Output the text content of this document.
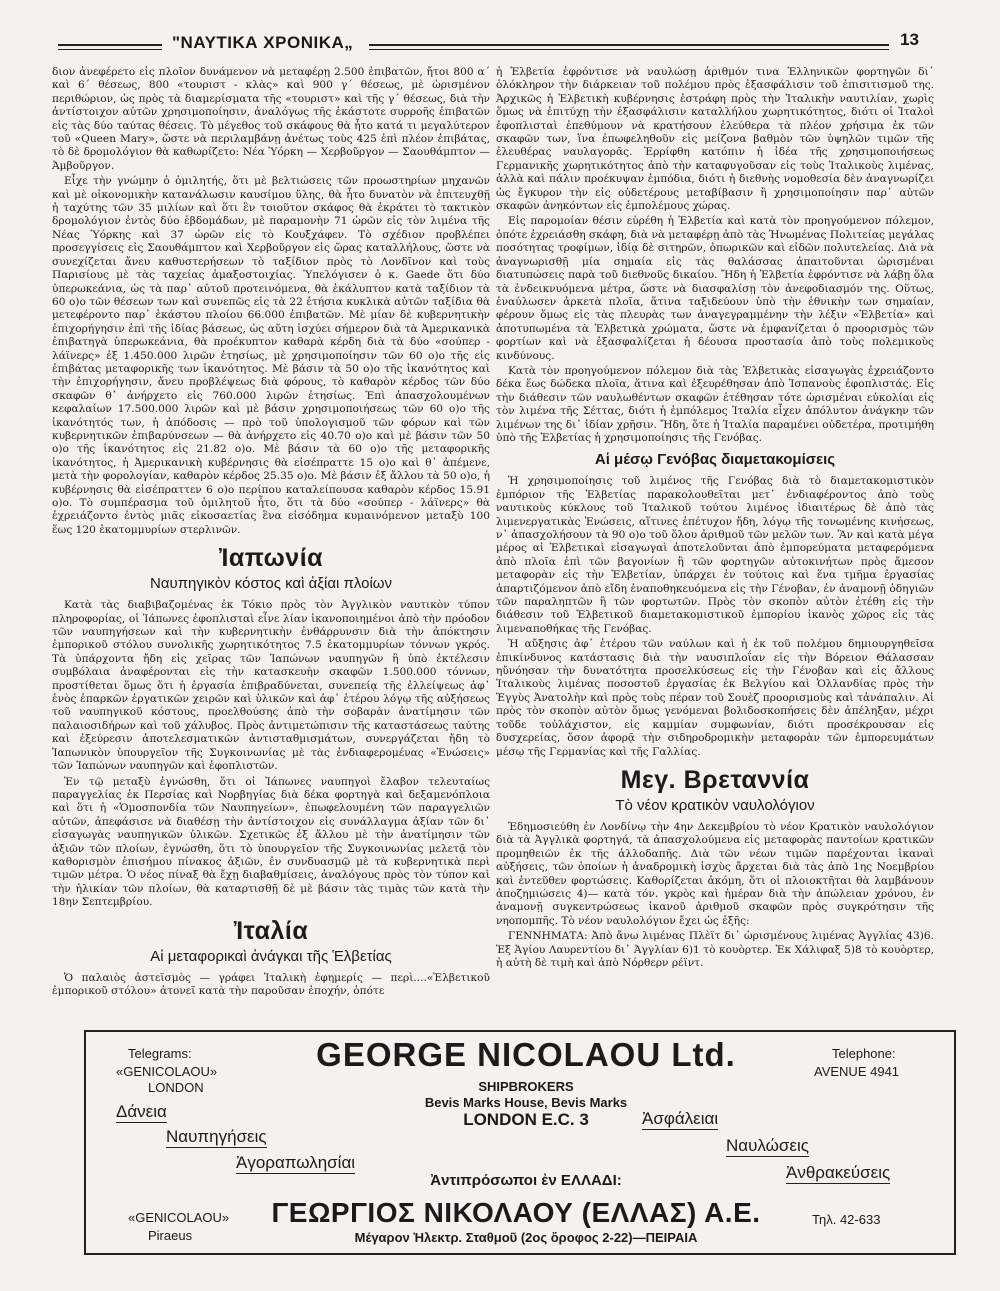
"ΝΑΥΤΙΚΑ ΧΡΟΝΙΚΑ„	13

διον ἀνεφέρετο εἰς πλοῖον δυνάμενον νὰ μεταφέρῃ 2.500 ἐπιβατῶν, ἤτοι 800 α΄ καὶ 6΄ θέσεως, 800 «τουριστ - κλὰς» καὶ 900 γ΄ θέσεως, μὲ ὡρισμένον περιθώριον, ὡς πρὸς τὰ διαμερίσματα τῆς «τουριστ» καὶ τῆς γ΄ θέσεως, διὰ τὴν ἀντίστοιχον αὐτῶν χρησιμοποίησιν, ἀναλόγως τῆς ἑκάστοτε συρροῆς ἐπιβατῶν εἰς τὰς δύο ταύτας θέσεις. Τὸ μέγεθος τοῦ σκάφους θὰ ἦτο κατά τι μεγαλύτερον τοῦ «Queen Mary», ὥστε νὰ περιλαμβάνῃ ἀνέτως τοὺς 425 ἐπὶ πλέον ἐπιβάτας, τὸ δὲ δρομολόγιον θὰ καθωρίζετο: Νέα Ὑόρκη — Χερβοῦργον — Σαουθάμπτον — Ἀμβοῦργον.

Εἶχε τὴν γνώμην ὁ ὁμιλητής, ὅτι μὲ βελτιώσεις τῶν προωστηρίων μηχανῶν καὶ μὲ οἰκονομικὴν κατανάλωσιν καυσίμου ὕλης, θὰ ἦτο δυνατὸν νὰ ἐπιτευχθῇ ἡ ταχύτης τῶν 35 μιλίων καὶ ὅτι ἓν τοιοῦτον σκάφος θὰ ἐκράτει τὸ τακτικὸν δρομολόγιον ἐντὸς δύο ἑβδομάδων, μὲ παραμονὴν 71 ὡρῶν εἰς τὸν λιμένα τῆς Νέας Ὑόρκης καὶ 37 ὡρῶν εἰς τὸ Κουξχάφεν. Τὸ σχέδιον προβλέπει προσεγγίσεις εἰς Σαουθάμπτον καὶ Χερβοῦργον εἰς ὥρας καταλλήλους, ὥστε νὰ συνεχίζεται ἄνευ καθυστερήσεων τὸ ταξίδιον πρὸς τὸ Λονδῖνον καὶ τοὺς Παρισίους μὲ τὰς ταχείας ἁμαξοστοιχίας. Ὑπελόγισεν ὁ κ. Gaede ὅτι δύο ὑπερωκεάνια, ὡς τὰ παρ᾽ αὐτοῦ προτεινόμενα, θὰ ἐκάλυπτον κατὰ ταξίδιον τὰ 60 ο)ο τῶν θέσεων των καὶ συνεπῶς εἰς τὰ 22 ἐτήσια κυκλικὰ αὐτῶν ταξίδια θὰ μετεφέροντο παρ᾽ ἑκάστου πλοίου 66.000 ἐπιβατῶν. Μὲ μίαν δὲ κυβερνητικὴν ἐπιχορήγησιν ἐπὶ τῆς ἰδίας βάσεως, ὡς αὕτη ἰσχύει σήμερον διὰ τὰ Ἀμερικανικὰ ἐπιβατηγὰ ὑπερωκεάνια, θὰ προέκυπτον καθαρὰ κέρδη διὰ τὰ δύο «σούπερ - λάϊνερς» ἐξ 1.450.000 λιρῶν ἐτησίως, μὲ χρησιμοποίησιν τῶν 60 ο)ο τῆς εἰς ἐπιβάτας μεταφορικῆς των ἱκανότητος. Μὲ βάσιν τὰ 50 ο)ο τῆς ἱκανότητος καὶ τὴν ἐπιχορήγησιν, ἄνευ προβλέψεως διὰ φόρους, τὸ καθαρὸν κέρδος τῶν δύο σκαφῶν θ᾽ ἀνήρχετο εἰς 760.000 λιρῶν ἐτησίως. Ἐπὶ ἀπασχολουμένων κεφαλαίων 17.500.000 λιρῶν καὶ μὲ βάσιν χρησιμοποιήσεως τῶν 60 ο)ο τῆς ἱκανότητός των, ἡ ἀπόδοσις — πρὸ τοῦ ὑπολογισμοῦ τῶν φόρων καὶ τῶν κυβερνητικῶν ἐπιβαρύνσεων — θὰ ἀνήρχετο εἰς 40.70 ο)ο καὶ μὲ βάσιν τῶν 50 ο)ο τῆς ἱκανότητος εἰς 21.82 ο)ο. Μὲ βάσιν τὰ 60 ο)ο τῆς μεταφορικῆς ἱκανότητος, ἡ Ἀμερικανικὴ κυβέρνησις θὰ εἰσέπραττε 15 ο)ο καὶ θ᾽ ἀπέμενε, μετὰ τὴν φορολογίαν, καθαρὸν κέρδος 25.35 ο)ο. Μὲ βάσιν ἐξ ἄλλου τὰ 50 ο)ο, ἡ κυβέρνησις θὰ εἰσέπραττεν 6 ο)ο περίπου καταλείπουσα καθαρὸν κέρδος 15.91 ο)ο. Τὸ συμπέρασμα τοῦ ὁμιλητοῦ ἦτο, ὅτι τὰ δύο «σούπερ - λάϊνερς» θὰ ἐχρειάζοντο ἐντὸς μιᾶς εἰκοσαετίας ἓνα εἰσόδημα κυμαινόμενον μεταξὺ 100 ἕως 120 ἑκατομμυρίων στερλινῶν.

Ἰαπωνία
Ναυπηγικὸν κόστος καὶ ἀξίαι πλοίων

Κατὰ τὰς διαβιβαζομένας ἐκ Τόκιο πρὸς τὸν Ἀγγλικὸν ναυτικὸν τύπον πληροφορίας, οἱ Ἰάπωνες ἐφοπλισταὶ εἶνε λίαν ἱκανοποιημένοι ἀπὸ τὴν πρόοδον τῶν ναυπηγήσεων καὶ τὴν κυβερνητικὴν ἐνθάρρυνσιν διὰ τὴν ἀπόκτησιν ἐμπορικοῦ στόλου συνολικῆς χωρητικότητος 7.5 ἑκατομμυρίων τόννων γκρός. Τὰ ὑπάρχοντα ἤδη εἰς χεῖρας τῶν Ἰαπώνων ναυπηγῶν ἢ ὑπὸ ἐκτέλεσιν συμβόλαια ἀναφέρονται εἰς τὴν κατασκευὴν σκαφῶν 1.500.000 τόννων, προστίθεται ὅμως ὅτι ἡ ἐργασία ἐπιβραδύνεται, συνεπείᾳ τῆς ἐλλείψεως ἀφ᾽ ἑνὸς ἐπαρκῶν ἐργατικῶν χειρῶν καὶ ὑλικῶν καὶ ἀφ᾽ ἑτέρου λόγῳ τῆς αὐξήσεως τοῦ ναυπηγικοῦ κόστους, προελθούσης ἀπὸ τὴν σοβαρὰν ἀνατίμησιν τῶν παλαιοσιδήρων καὶ τοῦ χάλυβος. Πρὸς ἀντιμετώπισιν τῆς καταστάσεως ταύτης καὶ ἐξεύρεσιν ἀποτελεσματικῶν ἀντισταθμισμάτων, συνεργάζεται ἤδη τὸ Ἰαπωνικὸν ὑπουργεῖον τῆς Συγκοινωνίας μὲ τὰς ἐνδιαφερομένας «Ἑνώσεις» τῶν Ἰαπώνων ναυπηγῶν καὶ ἐφοπλιστῶν.

Ἐν τῷ μεταξὺ ἐγνώσθη, ὅτι οἱ Ἰάπωνες ναυπηγοὶ ἔλαβον τελευταίως παραγγελίας ἐκ Περσίας καὶ Νορβηγίας διὰ δέκα φορτηγὰ καὶ δεξαμενόπλοια καὶ ὅτι ἡ «Ὁμοσπονδία τῶν Ναυπηγείων», ἐπωφελουμένη τῶν παραγγελιῶν αὐτῶν, ἀπεφάσισε νὰ διαθέσῃ τὴν ἀντίστοιχον εἰς συνάλλαγμα ἀξίαν τῶν δι᾽ εἰσαγωγὰς ναυπηγικῶν ὑλικῶν. Σχετικῶς ἐξ ἄλλου μὲ τὴν ἀνατίμησιν τῶν ἀξιῶν τῶν πλοίων, ἐγνώσθη, ὅτι τὸ ὑπουργεῖον τῆς Συγκοινωνίας μελετᾷ τὸν καθορισμὸν ἐπισήμου πίνακος ἀξιῶν, ἐν συνδυασμῷ μὲ τὰ κυβερνητικὰ περὶ τιμῶν μέτρα. Ὁ νέος πίναξ θὰ ἔχῃ διαβαθμίσεις, ἀναλόγους πρὸς τὸν τύπον καὶ τὴν ἡλικίαν τῶν πλοίων, θὰ καταρτισθῇ δὲ μὲ βάσιν τὰς τιμὰς τῶν κατὰ τὴν 18ην Σεπτεμβρίου.

Ἰταλία
Αἱ μεταφορικαὶ ἀνάγκαι τῆς Ἑλβετίας

Ὁ παλαιὸς ἀστεϊσμὸς — γράφει Ἰταλικὴ ἐφημερίς — περὶ....«Ἑλβετικοῦ ἐμπορικοῦ στόλου» ἀτονεῖ κατὰ τὴν παροῦσαν ἐποχήν, ὁπότε

ἡ Ἑλβετία ἐφρόντισε νὰ ναυλώσῃ ἀριθμόν τινα Ἑλληνικῶν φορτηγῶν δι᾽ ὁλόκληρον τὴν διάρκειαν τοῦ πολέμου πρὸς ἐξασφάλισιν τοῦ ἐπισιτισμοῦ της. Ἀρχικῶς ἡ Ἑλβετικὴ κυβέρνησις ἐστράφη πρὸς τὴν Ἰταλικὴν ναυτιλίαν, χωρὶς ὅμως νὰ ἐπιτύχῃ τὴν ἐξασφάλισιν καταλλήλου χωρητικότητος, διότι οἱ Ἰταλοὶ ἐφοπλισταὶ ἐπεθύμουν νὰ κρατήσουν ἐλεύθερα τὰ πλέον χρήσιμα ἐκ τῶν σκαφῶν των, ἵνα ἐπωφεληθοῦν εἰς μείζονα βαθμὸν τῶν ὑψηλῶν τιμῶν τῆς ἐλευθέρας ναυλαγορᾶς. Ἐρρίφθη κατόπιν ἡ ἰδέα τῆς χρησιμοποιήσεως Γερμανικῆς χωρητικότητος ἀπὸ τὴν καταφυγοῦσαν εἰς τοὺς Ἰταλικοὺς λιμένας, ἀλλὰ καὶ πάλιν προέκυψαν ἐμπόδια, διότι ἡ διεθνὴς νομοθεσία δὲν ἀναγνωρίζει ὡς ἔγκυρον τὴν εἰς οὐδετέρους μεταβίβασιν ἢ χρησιμοποίησιν παρ᾽ αὐτῶν σκαφῶν ἀνηκόντων εἰς ἐμπολέμους χώρας.

Εἰς παρομοίαν θέσιν εὑρέθη ἡ Ἑλβετία καὶ κατὰ τὸν προηγούμενον πόλεμον, ὁπότε ἐχρειάσθη σκάφη, διὰ νὰ μεταφέρῃ ἀπὸ τὰς Ἡνωμένας Πολιτείας μεγάλας ποσότητας τροφίμων, ἰδίᾳ δὲ σιτηρῶν, ὀπωρικῶν καὶ εἰδῶν πολυτελείας. Διὰ νὰ ἀναγνωρισθῇ μία σημαία εἰς τὰς θαλάσσας ἀπαιτοῦνται ὡρισμέναι διατυπώσεις παρὰ τοῦ διεθνοῦς δικαίου. Ἤδη ἡ Ἑλβετία ἐφρόντισε νὰ λάβῃ ὅλα τὰ ἐνδεικνυόμενα μέτρα, ὥστε νὰ διασφαλίσῃ τὸν ἀνεφοδιασμόν της. Οὕτως, ἐναύλωσεν ἀρκετὰ πλοῖα, ἅτινα ταξιδεύουν ὑπὸ τὴν ἐθνικὴν των σημαίαν, φέρουν ὅμως εἰς τὰς πλευρὰς των ἀναγεγραμμένην τὴν λέξιν «Ἑλβετία» καὶ ἀποτυπωμένα τὰ Ἑλβετικὰ χρώματα, ὥστε νὰ ἐμφανίζεται ὁ προορισμὸς τῶν φορτίων καὶ νὰ ἐξασφαλίζεται ἡ δέουσα προστασία ἀπὸ τοὺς πολεμικοὺς κινδύνους.

Κατὰ τὸν προηγούμενον πόλεμον διὰ τὰς Ἑλβετικὰς εἰσαγωγὰς ἐχρειάζοντο δέκα ἕως δώδεκα πλοῖα, ἅτινα καὶ ἐξευρέθησαν ἀπὸ Ἰσπανοὺς ἐφοπλιστάς. Εἰς τὴν διάθεσιν τῶν ναυλωθέντων σκαφῶν ἐτέθησαν τότε ὡρισμέναι εὐκολίαι εἰς τὸν λιμένα τῆς Σέττας, διότι ἡ ἐμπόλεμος Ἰταλία εἶχεν ἀπόλυτον ἀνάγκην τῶν λιμένων της δι᾽ ἰδίαν χρῆσιν. Ἤδη, ὅτε ἡ Ἰταλία παραμένει οὐδετέρα, προτιμήθη ὑπὸ τῆς Ἑλβετίας ἡ χρησιμοποίησις τῆς Γενόβας.

Αἱ μέσῳ Γενόβας διαμετακομίσεις

Ἡ χρησιμοποίησις τοῦ λιμένος τῆς Γενόβας διὰ τὸ διαμετακομιστικὸν ἐμπόριον τῆς Ἑλβετίας παρακολουθεῖται μετ᾽ ἐνδιαφέροντος ἀπὸ τοὺς ναυτικοὺς κύκλους τοῦ Ἰταλικοῦ τούτου λιμένος ἰδιαιτέρως δὲ ἀπὸ τὰς λιμενεργατικὰς Ἑνώσεις, αἵτινες ἐπέτυχον ἤδη, λόγῳ τῆς τονωμένης κινήσεως, ν᾽ ἀπασχολήσουν τὰ 90 ο)ο τοῦ ὅλου ἀριθμοῦ τῶν μελῶν των. Ἂν καὶ κατὰ μέγα μέρος αἱ Ἑλβετικαὶ εἰσαγωγαὶ ἀποτελοῦνται ἀπὸ ἐμπορεύματα μεταφερόμενα ἀπὸ πλοῖα ἐπὶ τῶν βαγονίων ἢ τῶν φορτηγῶν αὐτοκινήτων πρὸς ἄμεσον μεταφορὰν εἰς τὴν Ἑλβετίαν, ὑπάρχει ἐν τούτοις καὶ ἕνα τμῆμα ἐργασίας ἀπαρτιζόμενον ἀπὸ εἴδη ἐναποθηκευόμενα εἰς τὴν Γένοβαν, ἐν ἀναμονῇ ὁδηγιῶν τῶν παραληπτῶν ἢ τῶν φορτωτῶν. Πρὸς τὸν σκοπὸν αὐτὸν ἐτέθη εἰς τὴν διάθεσιν τοῦ Ἑλβετικοῦ διαμετακομιστικοῦ ἐμπορίου ἱκανὸς χῶρος εἰς τὰς λιμεναποθήκας τῆς Γενόβας.

Ἡ αὔξησις ἀφ᾽ ἑτέρου τῶν ναύλων καὶ ἡ ἐκ τοῦ πολέμου δημιουργηθεῖσα ἐπικίνδυνος κατάστασις διὰ τὴν ναυσιπλοΐαν εἰς τὴν Βόρειον Θάλασσαν ηὔνόησαν τὴν δυνατότητα προσελκύσεως εἰς τὴν Γένοβαν καὶ εἰς ἄλλους Ἰταλικοὺς λιμένας ποσοστοῦ ἐργασίας ἐκ Βελγίου καὶ Ὁλλανδίας πρὸς τὴν Ἐγγὺς Ἀνατολὴν καὶ πρὸς τοὺς πέραν τοῦ Σουὲζ προορισμοὺς καὶ τἀνάπαλιν. Αἱ πρὸς τὸν σκοπὸν αὐτὸν ὅμως γενόμεναι βολιδοσκοπήσεις δὲν ἀπέληξαν, μέχρι τοῦδε τοὐλάχιστον, εἰς καμμίαν συμφωνίαν, διότι προσέκρουσαν εἰς δυσχερείας, ὅσον ἀφορᾷ τὴν σιδηροδρομικὴν μεταφορὰν τῶν ἐμπορευμάτων μέσῳ τῆς Γερμανίας καὶ τῆς Γαλλίας.

Μεγ. Βρεταννία
Τὸ νέον κρατικὸν ναυλολόγιον

Ἐδημοσιεύθη ἐν Λονδίνῳ τὴν 4ην Δεκεμβρίου τὸ νέον Κρατικὸν ναυλολόγιον διὰ τὰ Ἀγγλικὰ φορτηγά, τὰ ἀπασχολούμενα εἰς μεταφορὰς παντοίων κρατικῶν προμηθειῶν ἐκ τῆς ἀλλοδαπῆς. Διὰ τῶν νέων τιμῶν παρέχονται ἱκαναὶ αὐξήσεις, τῶν ὁποίων ἡ ἀναδρομικὴ ἰσχὺς ἄρχεται διὰ τὰς ἀπὸ 1ης Νοεμβρίου καὶ ἐντεῦθεν φορτώσεις. Καθορίζεται ἀκόμη, ὅτι οἱ πλοιοκτῆται θὰ λαμβάνουν ἀποζημιώσεις 4)— κατὰ τόν. γκρὸς καὶ ἡμέραν διὰ τὴν ἀπώλειαν χρόνου, ἐν ἀναμονῇ συγκεντρώσεως ἱκανοῦ ἀριθμοῦ σκαφῶν πρὸς συγκρότησιν τῆς νηοπομπῆς. Τὸ νέον ναυλολόγιον ἔχει ὡς ἑξῆς:

ΓΕΝΝΗΜΑΤΑ: Ἀπὸ ἄνω λιμένας Πλὲϊτ δι᾽ ὡρισμένους λιμένας Ἀγγλίας 43)6. Ἐξ Ἁγίου Λαυρεντίου δι᾽ Ἀγγλίαν 6)1 τὸ κουὸρτερ. Ἐκ Χάλιφαξ 5)8 τὸ κουὸρτερ, ἡ αὐτὴ δὲ τιμὴ καὶ ἀπὸ Νόρθερν ρέϊντ.

Telegrams:
«GENICOLAOU»
LONDON
GEORGE NICOLAOU Ltd.
SHIPBROKERS
Bevis Marks House, Bevis Marks
LONDON E.C. 3
Telephone:
AVENUE 4941
Δάνεια
Ναυπηγήσεις
Ἀγοραπωλησίαι
Ἀσφάλειαι
Ναυλώσεις
Ἀνθρακεύσεις
Ἀντιπρόσωποι ἐν ΕΛΛΑΔΙ:
ΓΕΩΡΓΙΟΣ ΝΙΚΟΛΑΟΥ (ΕΛΛΑΣ) Α.Ε.
«GENICOLAOU»
Piraeus
Τηλ. 42-633
Μέγαρον Ἠλεκτρ. Σταθμοῦ (2ος ὄροφος 2-22)—ΠΕΙΡΑΙΑ
